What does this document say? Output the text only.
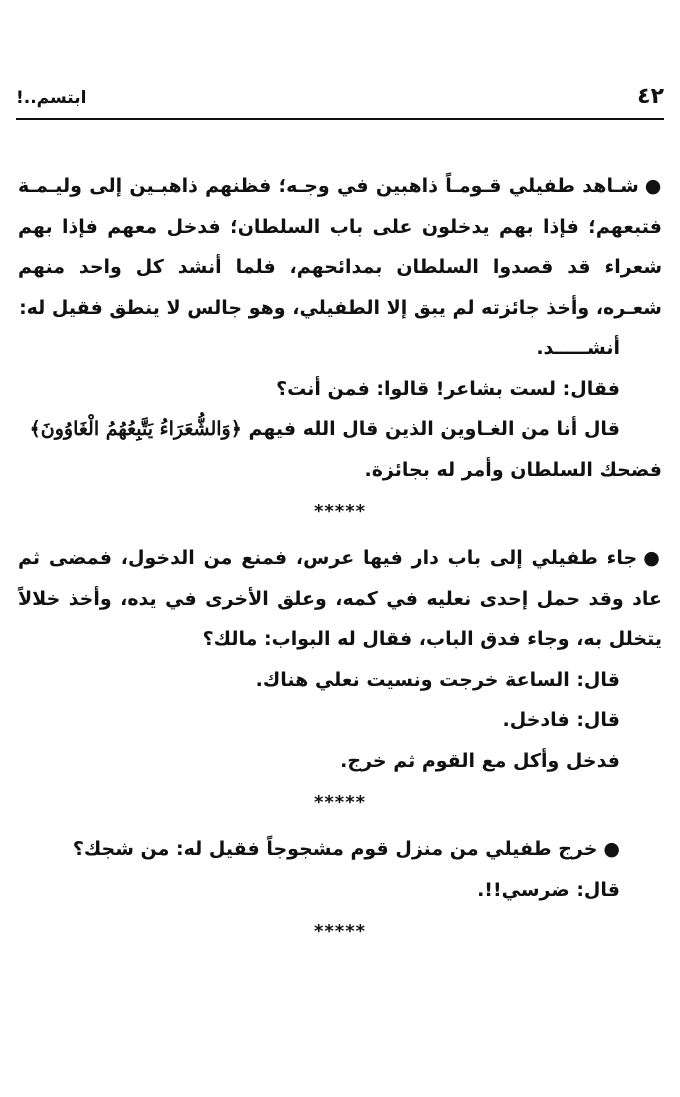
٤٢
ابتسم..!

●شـاهد طفيلي قـومـاً ذاهبين في وجـه؛ فظنهم ذاهبـين إلى وليـمـة فتبعهم؛ فإذا بهم يدخلون على باب السلطان؛ فدخل معهم فإذا بهم شعراء قد قصدوا السلطان بمدائحهم، فلما أنشد كل واحد منهم شعـره، وأخذ جائزته لم يبق إلا الطفيلي، وهو جالس لا ينطق فقيل له:

أنشـــــد.

فقال: لست بشاعر! قالوا: فمن أنت؟

قال أنا من الغـاوين الذين قال الله فيهم ﴿وَالشُّعَرَاءُ يَتَّبِعُهُمُ الْغَاوُونَ﴾

فضحك السلطان وأمر له بجائزة.

*****

●جاء طفيلي إلى باب دار فيها عرس، فمنع من الدخول، فمضى ثم عاد وقد حمل إحدى نعليه في كمه، وعلق الأخرى في يده، وأخذ خلالاً يتخلل به، وجاء فدق الباب، فقال له البواب: مالك؟

قال: الساعة خرجت ونسيت نعلي هناك.

قال: فادخل.

فدخل وأكل مع القوم ثم خرج.

*****

●خرج طفيلي من منزل قوم مشجوجاً فقيل له: من شجك؟

قال: ضرسي!!.

*****
